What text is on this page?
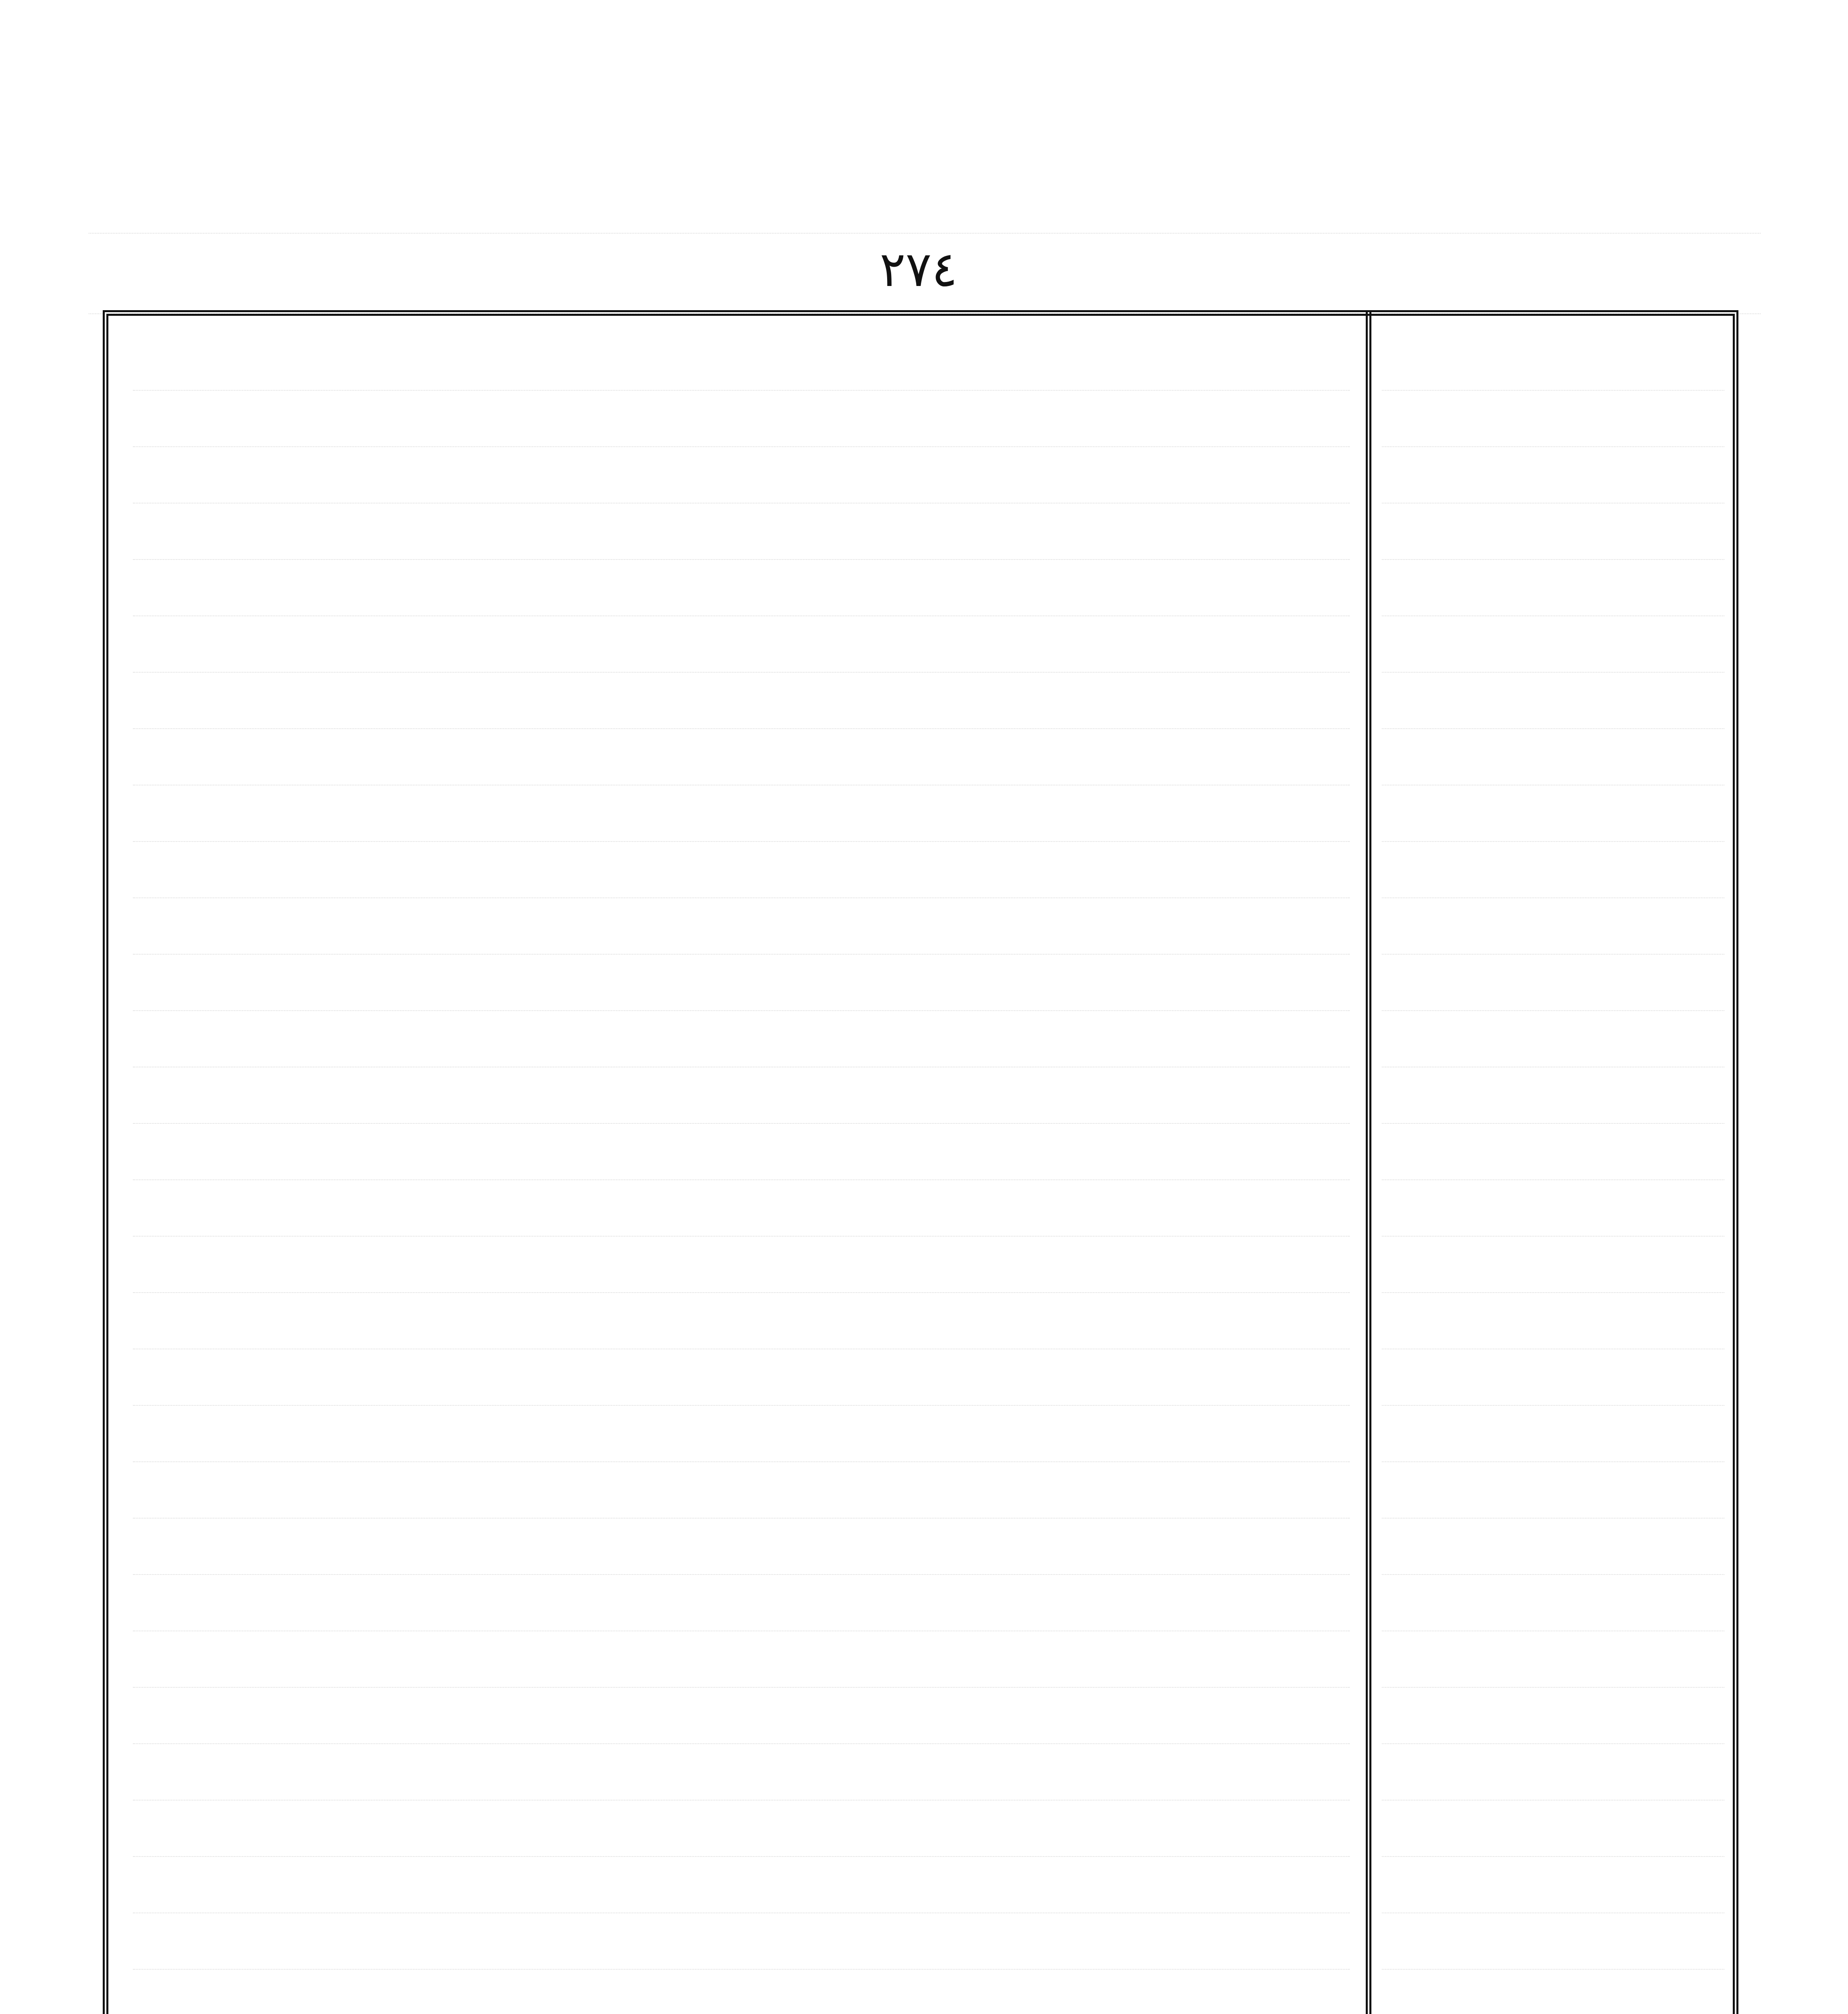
٢٧٤
